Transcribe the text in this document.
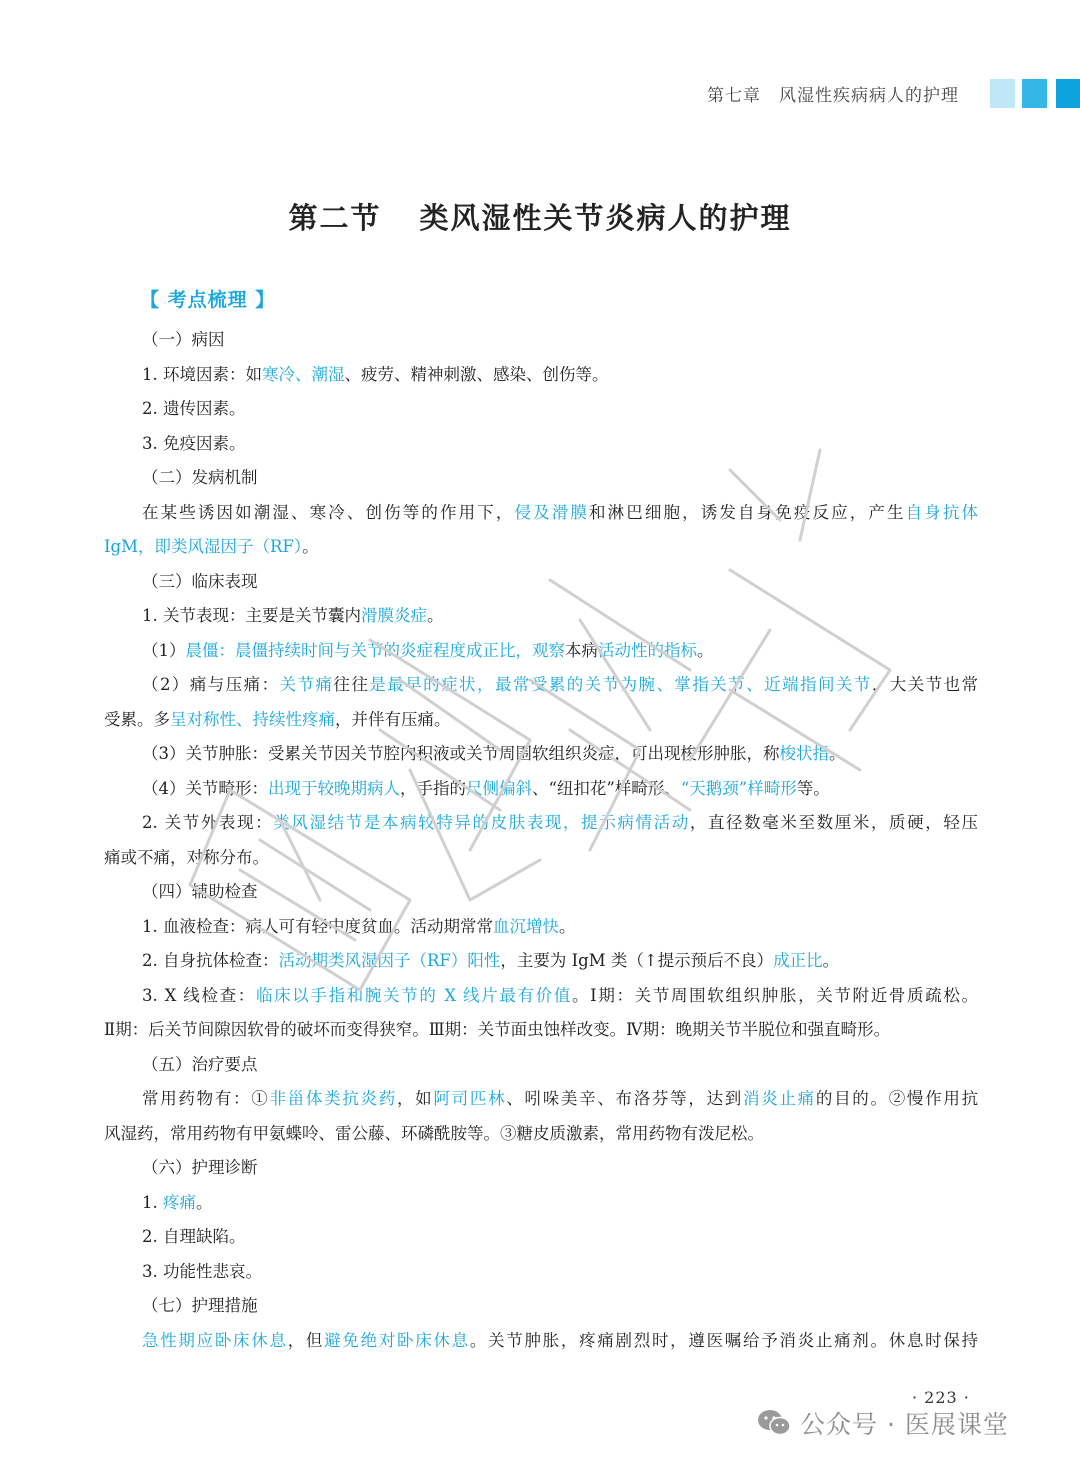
第七章　风湿性疾病病人的护理
第二节 类风湿性关节炎病人的护理
【 考点梳理 】
（一）病因
1. 环境因素：如寒冷、潮湿、疲劳、精神刺激、感染、创伤等。
2. 遗传因素。
3. 免疫因素。
（二）发病机制
在某些诱因如潮湿、寒冷、创伤等的作用下，侵及滑膜和淋巴细胞，诱发自身免疫反应，产生自身抗体
IgM，即类风湿因子（RF）。
（三）临床表现
1. 关节表现：主要是关节囊内滑膜炎症。
（1）晨僵：晨僵持续时间与关节的炎症程度成正比，观察本病活动性的指标。
（2）痛与压痛：关节痛往往是最早的症状，最常受累的关节为腕、掌指关节、近端指间关节，大关节也常
受累。多呈对称性、持续性疼痛，并伴有压痛。
（3）关节肿胀：受累关节因关节腔内积液或关节周围软组织炎症，可出现梭形肿胀，称梭状指。
（4）关节畸形：出现于较晚期病人，手指的尺侧偏斜、“纽扣花”样畸形、“天鹅颈”样畸形等。
2. 关节外表现：类风湿结节是本病较特异的皮肤表现，提示病情活动，直径数毫米至数厘米，质硬，轻压
痛或不痛，对称分布。
（四）辅助检查
1. 血液检查：病人可有轻中度贫血。活动期常常血沉增快。
2. 自身抗体检查：活动期类风湿因子（RF）阳性，主要为 IgM 类（↑提示预后不良）成正比。
3. X 线检查：临床以手指和腕关节的 X 线片最有价值。Ⅰ期：关节周围软组织肿胀，关节附近骨质疏松。
Ⅱ期：后关节间隙因软骨的破坏而变得狭窄。Ⅲ期：关节面虫蚀样改变。Ⅳ期：晚期关节半脱位和强直畸形。
（五）治疗要点
常用药物有：①非甾体类抗炎药，如阿司匹林、吲哚美辛、布洛芬等，达到消炎止痛的目的。②慢作用抗
风湿药，常用药物有甲氨蝶呤、雷公藤、环磷酰胺等。③糖皮质激素，常用药物有泼尼松。
（六）护理诊断
1. 疼痛。
2. 自理缺陷。
3. 功能性悲哀。
（七）护理措施
急性期应卧床休息，但避免绝对卧床休息。关节肿胀，疼痛剧烈时，遵医嘱给予消炎止痛剂。休息时保持
· 223 ·
公众号 · 医展课堂
